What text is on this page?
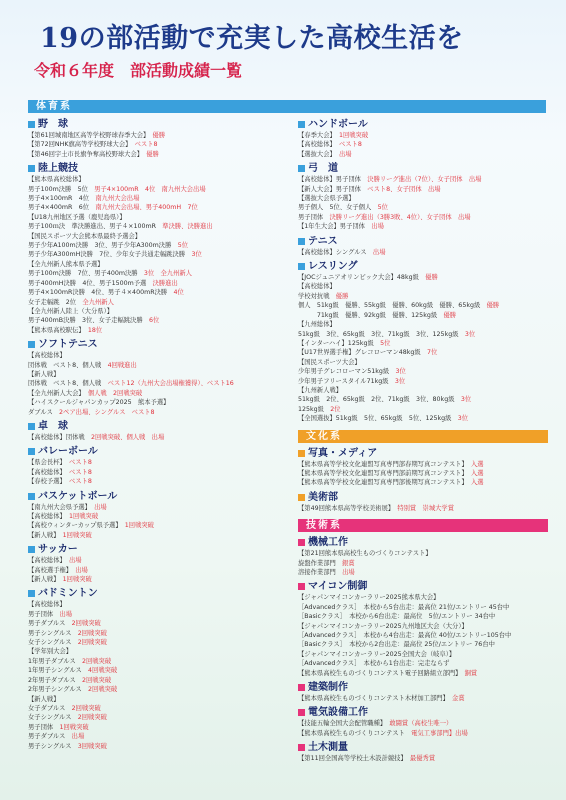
19の部活動で充実した高校生活を
令和６年度　部活動成績一覧
体育系
野　球
【第61回城南地区高等学校野球春季大会】　優勝
【第72回NHK旗高等学校野球大会】　ベスト8
【第46回宇土市長旗争奪高校野球大会】　優勝
陸上競技
【熊本県高校総体】
男子100m決勝　5位　男子4×100mR　4位　南九州大会出場
男子4×100mR　4位　南九州大会出場
男子4×400mR　6位　南九州大会出場、男子400mH　7位
【U18九州地区予選（鹿児島県）】
男子100ｍ決　準決勝進出、男子４×100mR　準決勝、決勝進出
【国民スポーツ大会熊本県最終予選会】
男子少年A100m決勝　3位、男子少年A300m決勝　5位
男子少年A300mH決勝　7位、少年女子共通走幅跳決勝　3位
【全九州新人熊本県予選】
男子100m決勝　7位、男子400m決勝　3位　全九州新人
男子400mH決勝　4位、男子1500m予選　決勝進出
男子4×100mR決勝　4位、男子４×400mR決勝　4位
女子走幅跳　2位　全九州新人
【全九州新人陸上（大分県）】
男子400mB決勝　3位、女子走幅跳決勝　6位
【熊本県高校駅伝】　18位
ソフトテニス
【高校総体】
団体戦　ベスト8、個人戦　4回戦進出
【新人戦】
団体戦　ベスト8、個人戦　ベスト12（九州大会出場権獲得）、ベスト16
【全九州新人大会】　個人戦　2回戦突破
【ハイスクールジャパンカップ2025　熊本予選】
ダブルス　2ペア出場、シングルス　ベスト8
卓　球
【高校総体】団体戦　2回戦突破、個人戦　出場
バレーボール
【県会長杯】　ベスト8
【高校総体】　ベスト8
【春校予選】　ベスト8
バスケットボール
【南九州大会県予選】　出場
【高校総体】　1回戦突破
【高校ウィンターカップ県予選】　1回戦突破
【新人戦】　1回戦突破
サッカー
【高校総体】　出場
【高校選手権】　出場
【新人戦】　1回戦突破
バドミントン
【高校総体】
男子団体　出場
男子ダブルス　2回戦突破
男子シングルス　2回戦突破
女子シングルス　2回戦突破
【学年別大会】
1年男子ダブルス　2回戦突破
1年男子シングルス　4回戦突破
2年男子ダブルス　2回戦突破
2年男子シングルス　2回戦突破
【新人戦】
女子ダブルス　2回戦突破
女子シングルス　2回戦突破
男子団体　1回戦突破
男子ダブルス　出場
男子シングルス　3回戦突破
ハンドボール
【春季大会】　1回戦突破
【高校総体】　ベスト8
【選抜大会】　出場
弓　道
【高校総体】男子団体　決勝リーグ進出（7位）、女子団体　出場
【新人大会】男子団体　ベスト8、女子団体　出場
【選抜大会県予選】
男子個人　5位、女子個人　5位
男子団体　決勝リーグ進出（3勝3敗、4位）、女子団体　出場
【1年生大会】男子団体　出場
テニス
【高校総体】シングルス　出場
レスリング
【JOCジュニアオリンピック大会】48kg級　優勝
【高校総体】
学校対抗戦　優勝
個人　51kg級　優勝、55kg級　優勝、60kg級　優勝、65kg級　優勝
　　　71kg級　優勝、92kg級　優勝、125kg級　優勝
【九州総体】
51kg級　3位、65kg級　3位、71kg級　3位、125kg級　3位
【インターハイ】125kg級　5位
【U17世界選手権】グレコローマン48kg級　7位
【国民スポーツ大会】
少年男子グレコローマン51kg級　3位
少年男子フリースタイル71kg級　3位
【九州新人戦】
51kg級　2位、65kg級　2位、71kg級　3位、80kg級　3位
125kg級　2位
【全国選抜】51kg級　5位、65kg級　5位、125kg級　3位
文化系
写真・メディア
【熊本県高等学校文化連盟写真専門部春期写真コンテスト】　入選
【熊本県高等学校文化連盟写真専門部前期写真コンテスト】　入選
【熊本県高等学校文化連盟写真専門部後期写真コンテスト】　入選
美術部
【第49回熊本県高等学校美術展】　特別賞　崇城大学賞
技術系
機械工作
【第21回熊本県高校生ものづくりコンテスト】
旋盤作業部門　銀賞
溶接作業部門　出場
マイコン制御
【ジャパンマイコンカーラリー2025熊本県大会】
［Advancedクラス］　本校から5台出走：最高位 21位/エントリー 45台中
［Basicクラス］　本校から6台出走：最高位　5位/エントリー 34台中
【ジャパンマイコンカーラリー2025九州地区大会（大分）】
［Advancedクラス］　本校から4台出走：最高位 40位/エントリー105台中
［Basicクラス］　本校から2台出走：最高位 25位/エントリー 76台中
【ジャパンマイコンカーラリー2025全国大会（岐阜）】
［Advancedクラス］　本校から1台出走：完走ならず
【熊本県高校生ものづくりコンテスト電子回路組立部門】　銅賞
建築制作
【熊本県高校生ものづくりコンテスト木材加工部門】　金賞
電気設備工作
【技能五輪全国大会配管職種】　敢闘賞（高校生唯一）
【熊本県高校生ものづくりコンテスト　電気工事部門】出場
土木測量
【第11回全国高等学校土木設計競技】　最優秀賞
